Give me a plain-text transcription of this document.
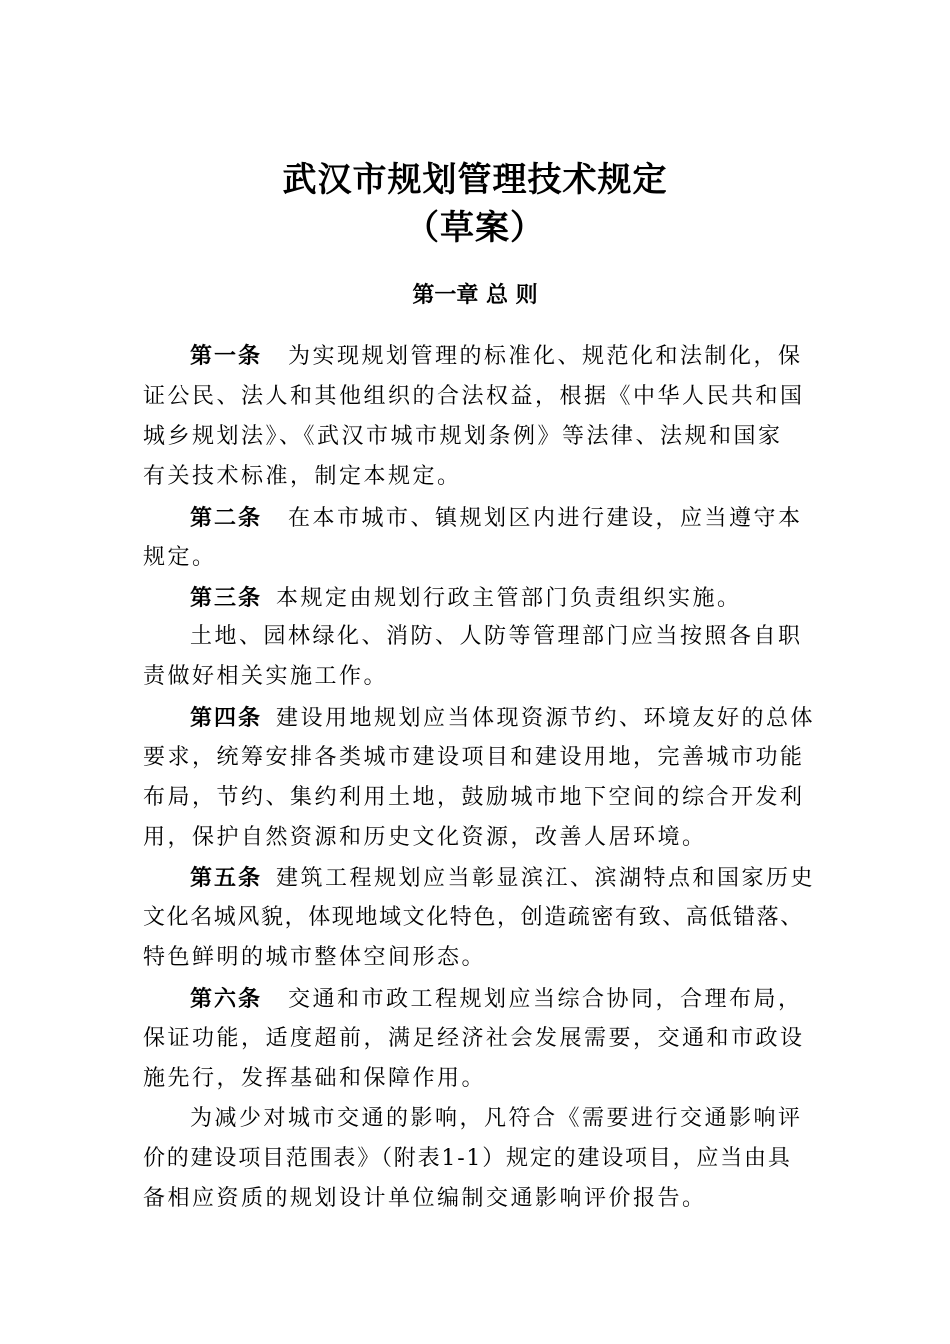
武汉市规划管理技术规定
（草案）
第一章 总 则
第一条 为实现规划管理的标准化、规范化和法制化，保
证公民、法人和其他组织的合法权益，根据《中华人民共和国
城乡规划法》、《武汉市城市规划条例》等法律、法规和国家
有关技术标准，制定本规定。
第二条 在本市城市、镇规划区内进行建设，应当遵守本
规定。
第三条 本规定由规划行政主管部门负责组织实施。
土地、园林绿化、消防、人防等管理部门应当按照各自职
责做好相关实施工作。
第四条 建设用地规划应当体现资源节约、环境友好的总体
要求，统筹安排各类城市建设项目和建设用地，完善城市功能
布局，节约、集约利用土地，鼓励城市地下空间的综合开发利
用，保护自然资源和历史文化资源，改善人居环境。
第五条 建筑工程规划应当彰显滨江、滨湖特点和国家历史
文化名城风貌，体现地域文化特色，创造疏密有致、高低错落、
特色鲜明的城市整体空间形态。
第六条 交通和市政工程规划应当综合协同，合理布局，
保证功能，适度超前，满足经济社会发展需要，交通和市政设
施先行，发挥基础和保障作用。
为减少对城市交通的影响，凡符合《需要进行交通影响评
价的建设项目范围表》（附表1-1）规定的建设项目，应当由具
备相应资质的规划设计单位编制交通影响评价报告。
